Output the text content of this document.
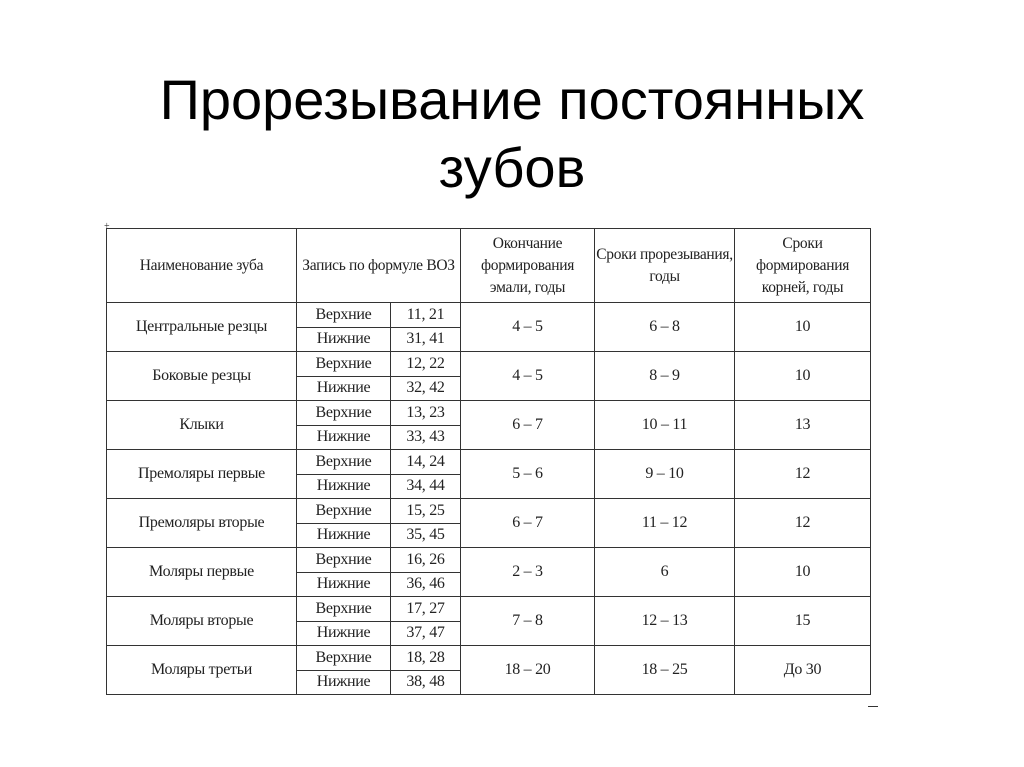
Прорезывание постоянных
зубов
+
Наименование зуба	Запись по формуле ВОЗ		Окончание формирования эмали, годы	Сроки прорезывания, годы	Сроки формирования корней, годы
Центральные резцы	Верхние	11, 21	4 – 5	6 – 8	10
	Нижние	31, 41			
Боковые резцы	Верхние	12, 22	4 – 5	8 – 9	10
	Нижние	32, 42			
Клыки	Верхние	13, 23	6 – 7	10 – 11	13
	Нижние	33, 43			
Премоляры первые	Верхние	14, 24	5 – 6	9 – 10	12
	Нижние	34, 44			
Премоляры вторые	Верхние	15, 25	6 – 7	11 – 12	12
	Нижние	35, 45			
Моляры первые	Верхние	16, 26	2 – 3	6	10
	Нижние	36, 46			
Моляры вторые	Верхние	17, 27	7 – 8	12 – 13	15
	Нижние	37, 47			
Моляры третьи	Верхние	18, 28	18 – 20	18 – 25	До 30
	Нижние	38, 48			
